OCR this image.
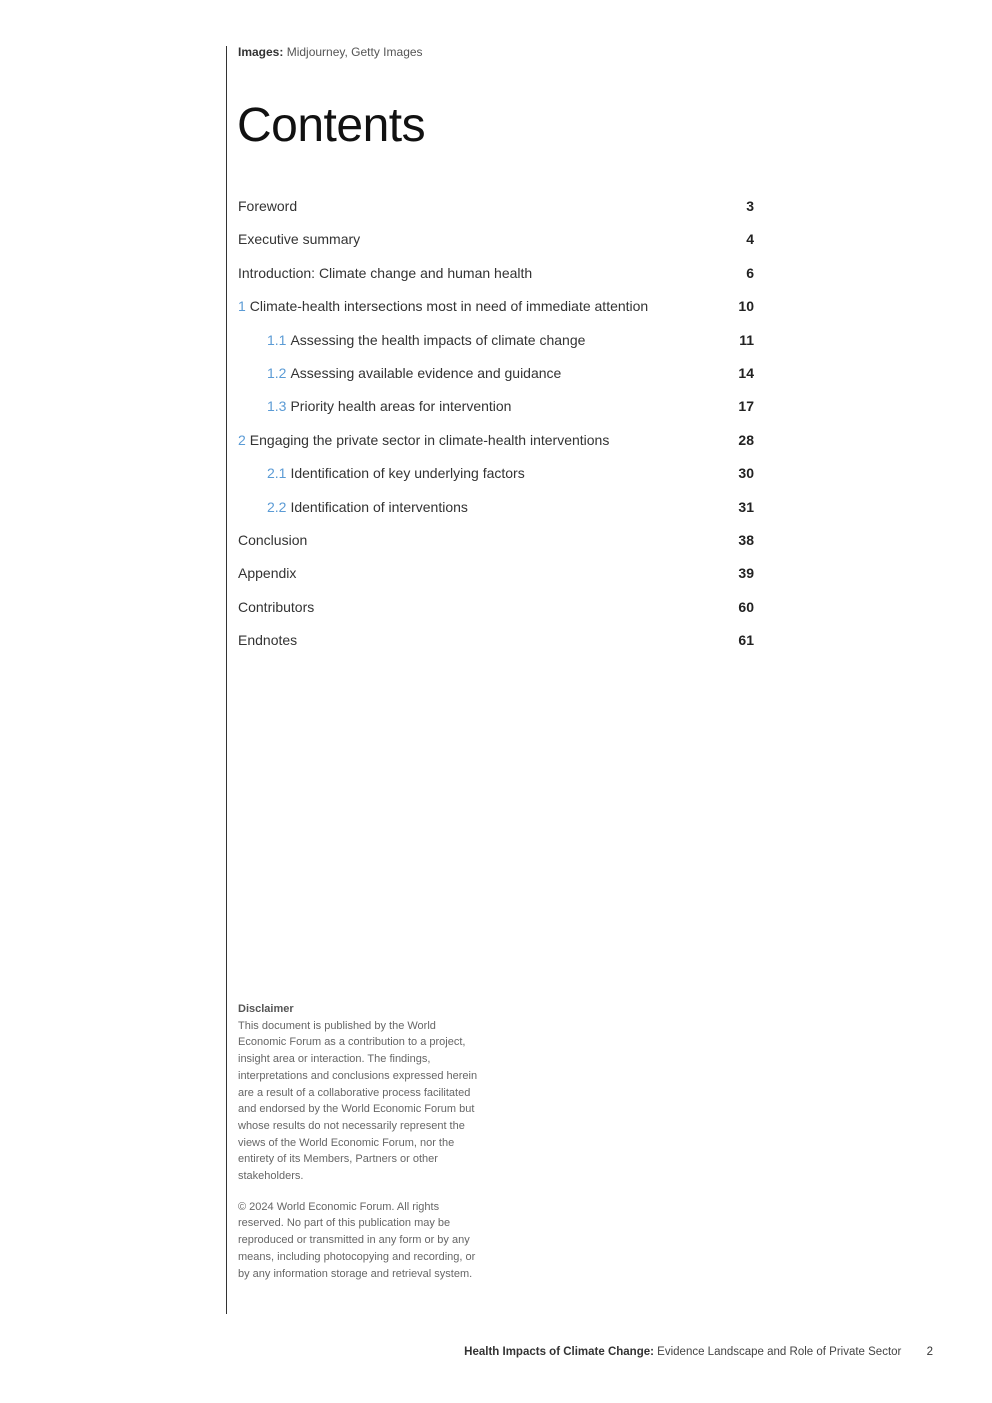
Images: Midjourney, Getty Images
Contents
Foreword	3
Executive summary	4
Introduction: Climate change and human health	6
1 Climate-health intersections most in need of immediate attention	10
1.1 Assessing the health impacts of climate change	11
1.2 Assessing available evidence and guidance	14
1.3 Priority health areas for intervention	17
2 Engaging the private sector in climate-health interventions	28
2.1 Identification of key underlying factors	30
2.2 Identification of interventions	31
Conclusion	38
Appendix	39
Contributors	60
Endnotes	61

Disclaimer

This document is published by the World Economic Forum as a contribution to a project, insight area or interaction. The findings, interpretations and conclusions expressed herein are a result of a collaborative process facilitated and endorsed by the World Economic Forum but whose results do not necessarily represent the views of the World Economic Forum, nor the entirety of its Members, Partners or other stakeholders.

© 2024 World Economic Forum. All rights reserved. No part of this publication may be reproduced or transmitted in any form or by any means, including photocopying and recording, or by any information storage and retrieval system.

Health Impacts of Climate Change: Evidence Landscape and Role of Private Sector 2
